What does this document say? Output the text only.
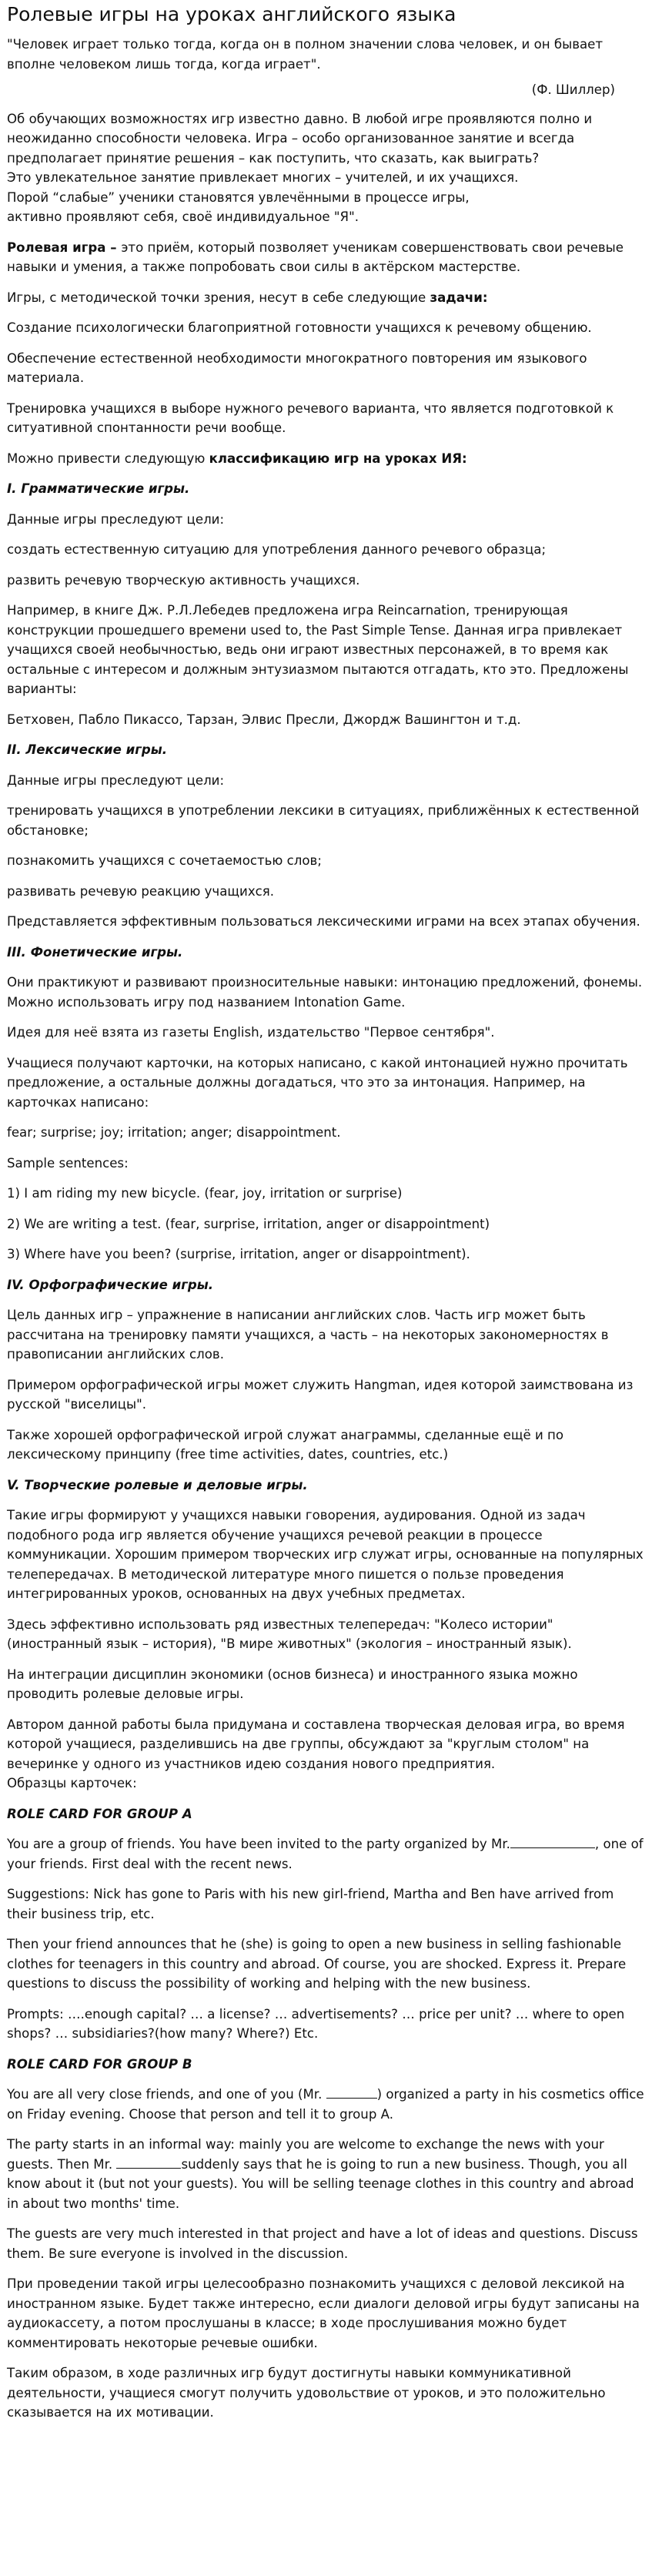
Ролевые игры на уроках английского языка

"Человек играет только тогда, когда он в полном значении слова человек, и он бывает вполне человеком лишь тогда, когда играет".

(Ф. Шиллер)

Об обучающих возможностях игр известно давно. В любой игре проявляются полно и неожиданно способности человека. Игра – особо организованное занятие и всегда предполагает принятие решения – как поступить, что сказать, как выиграть?
Это увлекательное занятие привлекает многих – учителей, и их учащихся.
Порой “слабые” ученики становятся увлечёнными в процессе игры,
активно проявляют себя, своё индивидуальное "Я".

Ролевая игра – это приём, который позволяет ученикам совершенствовать свои речевые навыки и умения, а также попробовать свои силы в актёрском мастерстве.

Игры, с методической точки зрения, несут в себе следующие задачи:

Создание психологически благоприятной готовности учащихся к речевому общению.

Обеспечение естественной необходимости многократного повторения им языкового материала.

Тренировка учащихся в выборе нужного речевого варианта, что является подготовкой к ситуативной спонтанности речи вообще.

Можно привести следующую классификацию игр на уроках ИЯ:

I. Грамматические игры.

Данные игры преследуют цели:

создать естественную ситуацию для употребления данного речевого образца;

развить речевую творческую активность учащихся.

Например, в книге Дж. Р.Л.Лебедев предложена игра Reincarnation, тренирующая конструкции прошедшего времени used to, the Past Simple Tense. Данная игра привлекает учащихся своей необычностью, ведь они играют известных персонажей, в то время как остальные с интересом и должным энтузиазмом пытаются отгадать, кто это. Предложены варианты:

Бетховен, Пабло Пикассо, Тарзан, Элвис Пресли, Джордж Вашингтон и т.д.

II. Лексические игры.

Данные игры преследуют цели:

тренировать учащихся в употреблении лексики в ситуациях, приближённых к естественной обстановке;

познакомить учащихся с сочетаемостью слов;

развивать речевую реакцию учащихся.

Представляется эффективным пользоваться лексическими играми на всех этапах обучения.

III. Фонетические игры.

Они практикуют и развивают произносительные навыки: интонацию предложений, фонемы. Можно использовать игру под названием Intonation Game.

Идея для неё взята из газеты English, издательство "Первое сентября".

Учащиеся получают карточки, на которых написано, с какой интонацией нужно прочитать предложение, а остальные должны догадаться, что это за интонация. Например, на карточках написано:

fear; surprise; joy; irritation; anger; disappointment.

Sample sentences:

1) I am riding my new bicycle. (fear, joy, irritation or surprise)

2) We are writing a test. (fear, surprise, irritation, anger or disappointment)

3) Where have you been? (surprise, irritation, anger or disappointment).

IV. Орфографические игры.

Цель данных игр – упражнение в написании английских слов. Часть игр может быть рассчитана на тренировку памяти учащихся, а часть – на некоторых закономерностях в правописании английских слов.

Примером орфографической игры может служить Hangman, идея которой заимствована из русской "виселицы".

Также хорошей орфографической игрой служат анаграммы, сделанные ещё и по лексическому принципу (free time activities, dates, countries, etc.)

V. Творческие ролевые и деловые игры.

Такие игры формируют у учащихся навыки говорения, аудирования. Одной из задач подобного рода игр является обучение учащихся речевой реакции в процессе коммуникации. Хорошим примером творческих игр служат игры, основанные на популярных телепередачах. В методической литературе много пишется о пользе проведения интегрированных уроков, основанных на двух учебных предметах.

Здесь эффективно использовать ряд известных телепередач: "Колесо истории" (иностранный язык – история), "В мире животных" (экология – иностранный язык).

На интеграции дисциплин экономики (основ бизнеса) и иностранного языка можно проводить ролевые деловые игры.

Автором данной работы была придумана и составлена творческая деловая игра, во время которой учащиеся, разделившись на две группы, обсуждают за "круглым столом" на вечеринке у одного из участников идею создания нового предприятия.
Образцы карточек:

ROLE CARD FOR GROUP A

You are a group of friends. You have been invited to the party organized by Mr.	, one of your friends. First deal with the recent news.

Suggestions: Nick has gone to Paris with his new girl-friend, Martha and Ben have arrived from their business trip, etc.

Then your friend announces that he (she) is going to open a new business in selling fashionable clothes for teenagers in this country and abroad. Of course, you are shocked. Express it. Prepare questions to discuss the possibility of working and helping with the new business.

Prompts: ….enough capital? … a license? … advertisements? … price per unit? … where to open shops? … subsidiaries?(how many? Where?) Etc.

ROLE CARD FOR GROUP B

You are all very close friends, and one of you (Mr.	) organized a party in his cosmetics office on Friday evening. Choose that person and tell it to group A.

The party starts in an informal way: mainly you are welcome to exchange the news with your guests. Then Mr.	suddenly says that he is going to run a new business. Though, you all know about it (but not your guests). You will be selling teenage clothes in this country and abroad in about two months' time.

The guests are very much interested in that project and have a lot of ideas and questions. Discuss them. Be sure everyone is involved in the discussion.

При проведении такой игры целесообразно познакомить учащихся с деловой лексикой на иностранном языке. Будет также интересно, если диалоги деловой игры будут записаны на аудиокассету, а потом прослушаны в классе; в ходе прослушивания можно будет комментировать некоторые речевые ошибки.

Таким образом, в ходе различных игр будут достигнуты навыки коммуникативной деятельности, учащиеся смогут получить удовольствие от уроков, и это положительно сказывается на их мотивации.
